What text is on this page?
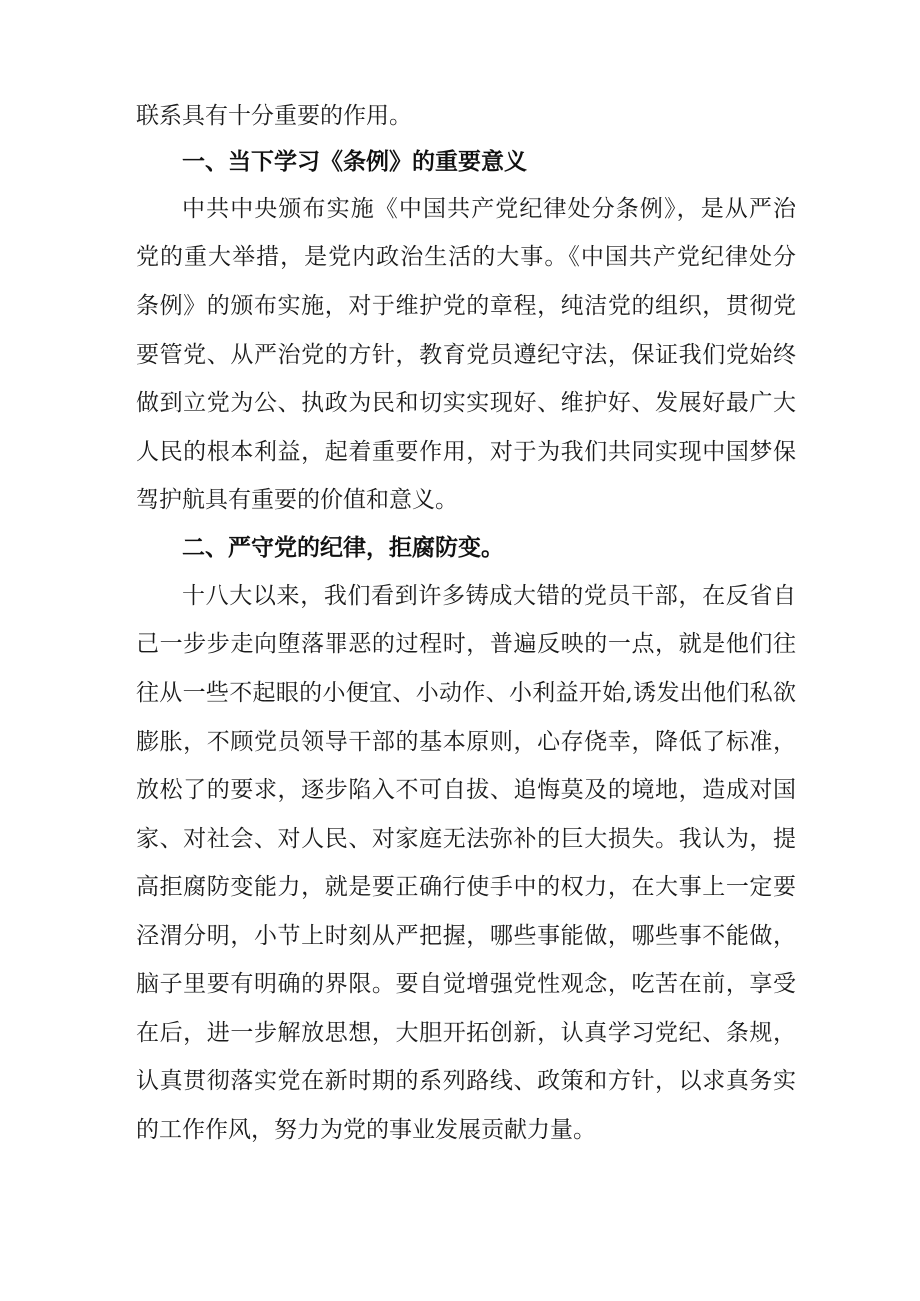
联系具有十分重要的作用。
一、当下学习《条例》的重要意义
中共中央颁布实施《中国共产党纪律处分条例》，是从严治
党的重大举措，是党内政治生活的大事。《中国共产党纪律处分
条例》的颁布实施，对于维护党的章程，纯洁党的组织，贯彻党
要管党、从严治党的方针，教育党员遵纪守法，保证我们党始终
做到立党为公、执政为民和切实实现好、维护好、发展好最广大
人民的根本利益，起着重要作用，对于为我们共同实现中国梦保
驾护航具有重要的价值和意义。
二、严守党的纪律，拒腐防变。
十八大以来，我们看到许多铸成大错的党员干部，在反省自
己一步步走向堕落罪恶的过程时，普遍反映的一点，就是他们往
往从一些不起眼的小便宜、小动作、小利益开始,诱发出他们私欲
膨胀，不顾党员领导干部的基本原则，心存侥幸，降低了标准，
放松了的要求，逐步陷入不可自拔、追悔莫及的境地，造成对国
家、对社会、对人民、对家庭无法弥补的巨大损失。我认为，提
高拒腐防变能力，就是要正确行使手中的权力，在大事上一定要
泾渭分明，小节上时刻从严把握，哪些事能做，哪些事不能做，
脑子里要有明确的界限。要自觉增强党性观念，吃苦在前，享受
在后，进一步解放思想，大胆开拓创新，认真学习党纪、条规，
认真贯彻落实党在新时期的系列路线、政策和方针，以求真务实
的工作作风，努力为党的事业发展贡献力量。
